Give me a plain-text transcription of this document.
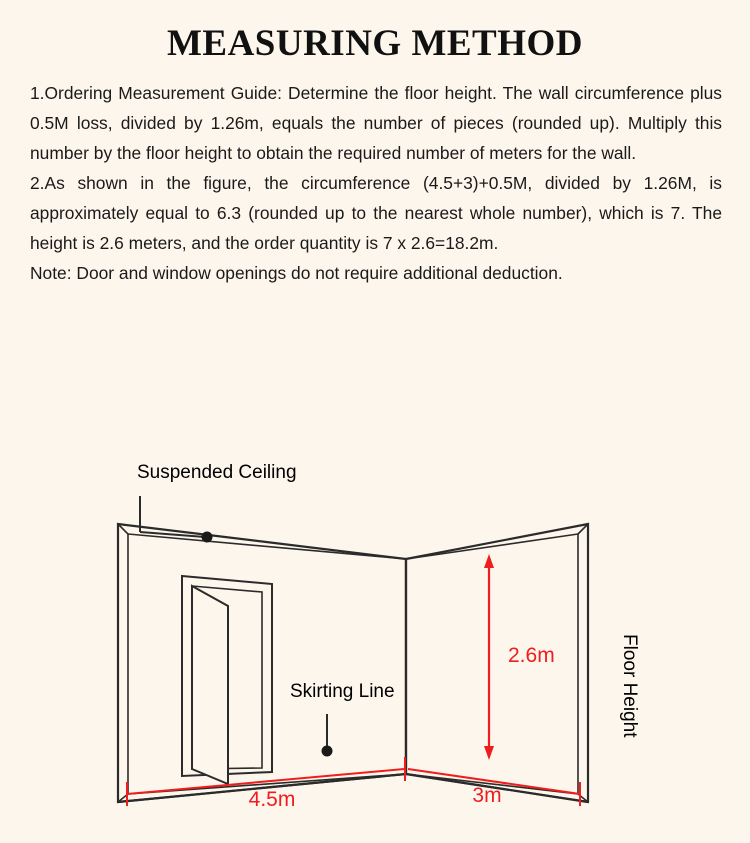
MEASURING METHOD

1.Ordering Measurement Guide: Determine the floor height. The wall circumference plus 0.5M loss, divided by 1.26m, equals the number of pieces (rounded up). Multiply this number by the floor height to obtain the required number of meters for the wall.

2.As shown in the figure, the circumference (4.5+3)+0.5M, divided by 1.26M, is approximately equal to 6.3 (rounded up to the nearest whole number), which is 7. The height is 2.6 meters, and the order quantity is 7 x 2.6=18.2m.

Note: Door and window openings do not require additional deduction.

Suspended Ceiling
Skirting Line
2.6m	Floor Height
4.5m	3m
